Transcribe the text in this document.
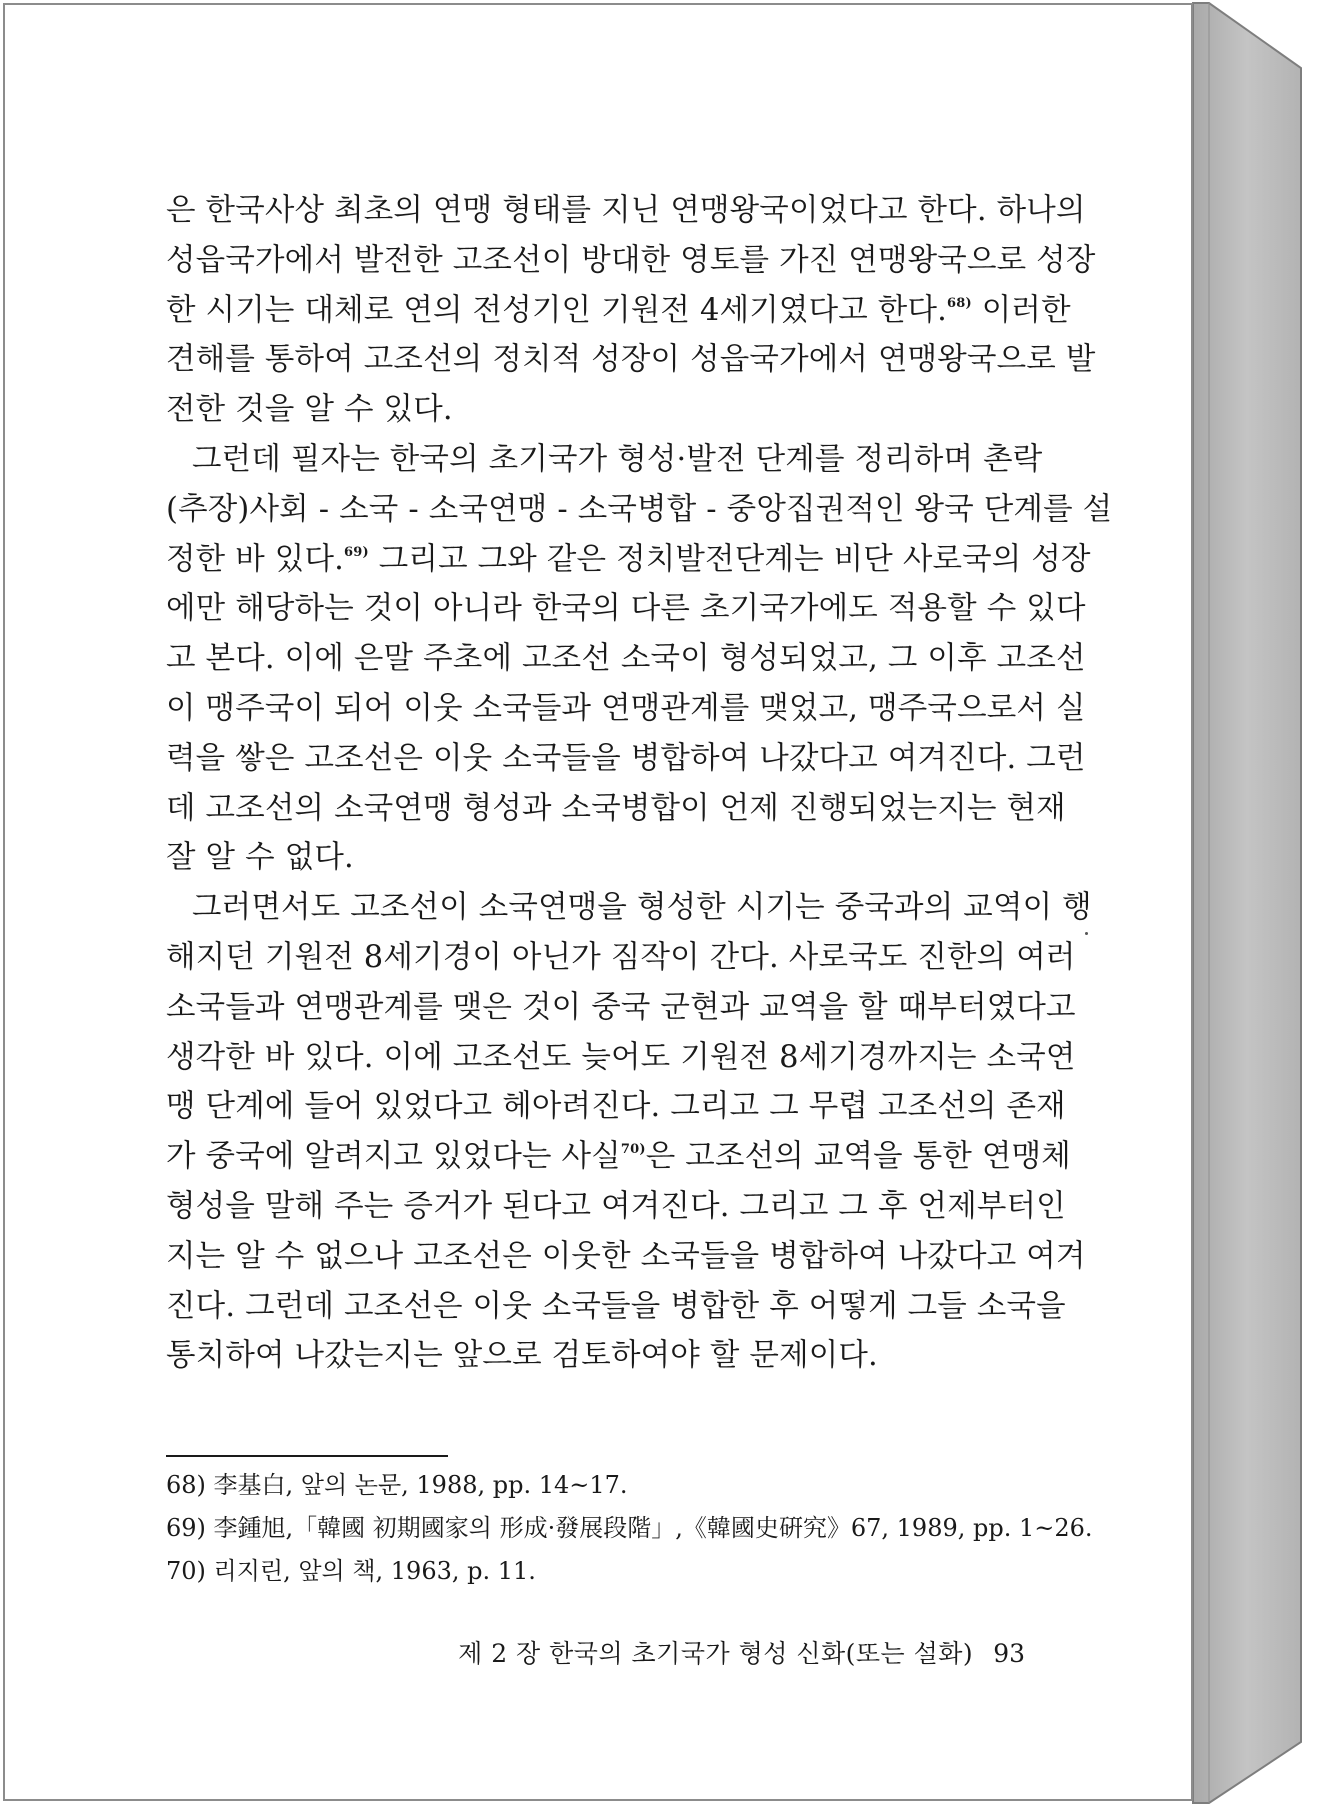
은 한국사상 최초의 연맹 형태를 지닌 연맹왕국이었다고 한다. 하나의
성읍국가에서 발전한 고조선이 방대한 영토를 가진 연맹왕국으로 성장
한 시기는 대체로 연의 전성기인 기원전 4세기였다고 한다.$^{68)}$ 이러한
견해를 통하여 고조선의 정치적 성장이 성읍국가에서 연맹왕국으로 발
전한 것을 알 수 있다.

그런데 필자는 한국의 초기국가 형성·발전 단계를 정리하며 촌락
(추장)사회 - 소국 - 소국연맹 - 소국병합 - 중앙집권적인 왕국 단계를 설
정한 바 있다.$^{69)}$ 그리고 그와 같은 정치발전단계는 비단 사로국의 성장
에만 해당하는 것이 아니라 한국의 다른 초기국가에도 적용할 수 있다
고 본다. 이에 은말 주초에 고조선 소국이 형성되었고, 그 이후 고조선
이 맹주국이 되어 이웃 소국들과 연맹관계를 맺었고, 맹주국으로서 실
력을 쌓은 고조선은 이웃 소국들을 병합하여 나갔다고 여겨진다. 그런
데 고조선의 소국연맹 형성과 소국병합이 언제 진행되었는지는 현재
잘 알 수 없다.

그러면서도 고조선이 소국연맹을 형성한 시기는 중국과의 교역이 행
해지던 기원전 8세기경이 아닌가 짐작이 간다. 사로국도 진한의 여러
소국들과 연맹관계를 맺은 것이 중국 군현과 교역을 할 때부터였다고
생각한 바 있다. 이에 고조선도 늦어도 기원전 8세기경까지는 소국연
맹 단계에 들어 있었다고 헤아려진다. 그리고 그 무렵 고조선의 존재
가 중국에 알려지고 있었다는 사실$^{70)}$은 고조선의 교역을 통한 연맹체
형성을 말해 주는 증거가 된다고 여겨진다. 그리고 그 후 언제부터인
지는 알 수 없으나 고조선은 이웃한 소국들을 병합하여 나갔다고 여겨
진다. 그런데 고조선은 이웃 소국들을 병합한 후 어떻게 그들 소국을
통치하여 나갔는지는 앞으로 검토하여야 할 문제이다.

68) 李基白, 앞의 논문, 1988, pp. 14~17.

69) 李鍾旭,「韓國 初期國家의 形成·發展段階」,《韓國史硏究》67, 1989, pp. 1~26.

70) 리지린, 앞의 책, 1963, p. 11.

제 2 장 한국의 초기국가 형성 신화(또는 설화) 93
